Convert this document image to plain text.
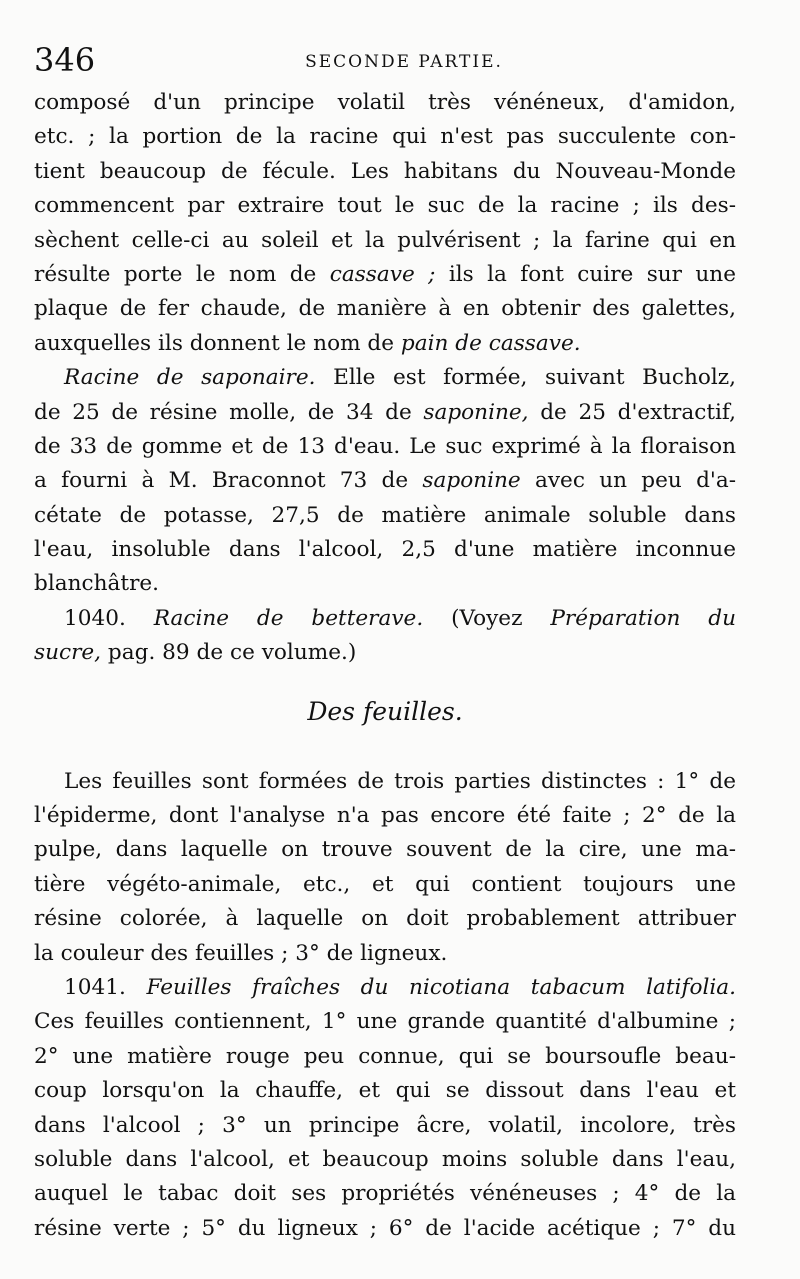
346	SECONDE PARTIE.
composé d'un principe volatil très vénéneux, d'amidon,
etc. ; la portion de la racine qui n'est pas succulente con-
tient beaucoup de fécule. Les habitans du Nouveau-Monde
commencent par extraire tout le suc de la racine ; ils des-
sèchent celle-ci au soleil et la pulvérisent ; la farine qui en
résulte porte le nom de cassave ; ils la font cuire sur une
plaque de fer chaude, de manière à en obtenir des galettes,
auxquelles ils donnent le nom de pain de cassave.
Racine de saponaire. Elle est formée, suivant Bucholz,
de 25 de résine molle, de 34 de saponine, de 25 d'extractif,
de 33 de gomme et de 13 d'eau. Le suc exprimé à la floraison
a fourni à M. Braconnot 73 de saponine avec un peu d'a-
cétate de potasse, 27,5 de matière animale soluble dans
l'eau, insoluble dans l'alcool, 2,5 d'une matière inconnue
blanchâtre.
1040. Racine de betterave. (Voyez Préparation du
sucre, pag. 89 de ce volume.)
Des feuilles.
Les feuilles sont formées de trois parties distinctes : 1° de
l'épiderme, dont l'analyse n'a pas encore été faite ; 2° de la
pulpe, dans laquelle on trouve souvent de la cire, une ma-
tière végéto-animale, etc., et qui contient toujours une
résine colorée, à laquelle on doit probablement attribuer
la couleur des feuilles ; 3° de ligneux.
1041. Feuilles fraîches du nicotiana tabacum latifolia.
Ces feuilles contiennent, 1° une grande quantité d'albumine ;
2° une matière rouge peu connue, qui se boursoufle beau-
coup lorsqu'on la chauffe, et qui se dissout dans l'eau et
dans l'alcool ; 3° un principe âcre, volatil, incolore, très
soluble dans l'alcool, et beaucoup moins soluble dans l'eau,
auquel le tabac doit ses propriétés vénéneuses ; 4° de la
résine verte ; 5° du ligneux ; 6° de l'acide acétique ; 7° du
